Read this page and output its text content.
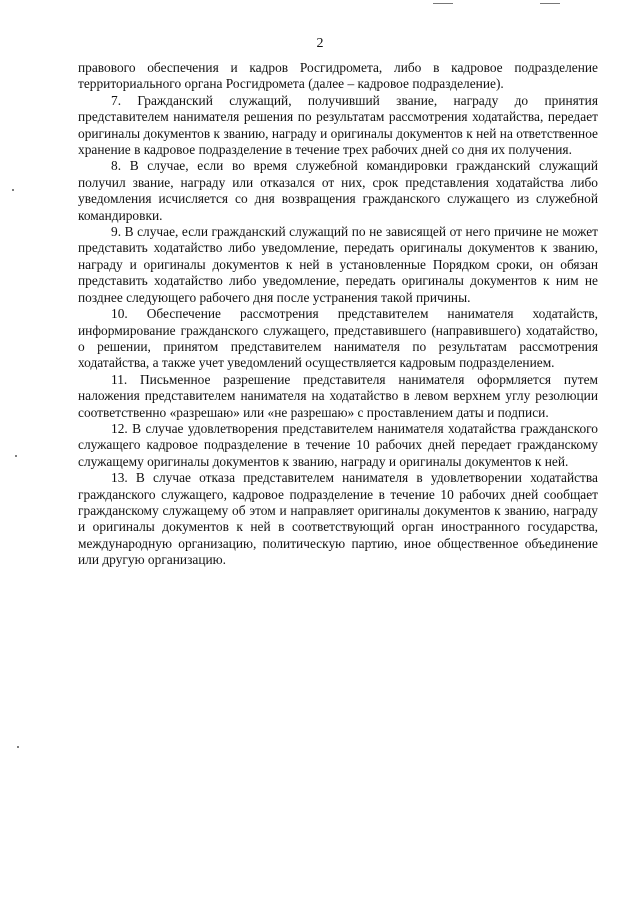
2

правового обеспечения и кадров Росгидромета, либо в кадровое подразделение территориального органа Росгидромета (далее – кадровое подразделение).

7. Гражданский служащий, получивший звание, награду до принятия представителем нанимателя решения по результатам рассмотрения ходатайства, передает оригиналы документов к званию, награду и оригиналы документов к ней на ответственное хранение в кадровое подразделение в течение трех рабочих дней со дня их получения.

8. В случае, если во время служебной командировки гражданский служащий получил звание, награду или отказался от них, срок представления ходатайства либо уведомления исчисляется со дня возвращения гражданского служащего из служебной командировки.

9. В случае, если гражданский служащий по не зависящей от него причине не может представить ходатайство либо уведомление, передать оригиналы документов к званию, награду и оригиналы документов к ней в установленные Порядком сроки, он обязан представить ходатайство либо уведомление, передать оригиналы документов к ним не позднее следующего рабочего дня после устранения такой причины.

10. Обеспечение рассмотрения представителем нанимателя ходатайств, информирование гражданского служащего, представившего (направившего) ходатайство, о решении, принятом представителем нанимателя по результатам рассмотрения ходатайства, а также учет уведомлений осуществляется кадровым подразделением.

11. Письменное разрешение представителя нанимателя оформляется путем наложения представителем нанимателя на ходатайство в левом верхнем углу резолюции соответственно «разрешаю» или «не разрешаю» с проставлением даты и подписи.

12. В случае удовлетворения представителем нанимателя ходатайства гражданского служащего кадровое подразделение в течение 10 рабочих дней передает гражданскому служащему оригиналы документов к званию, награду и оригиналы документов к ней.

13. В случае отказа представителем нанимателя в удовлетворении ходатайства гражданского служащего, кадровое подразделение в течение 10 рабочих дней сообщает гражданскому служащему об этом и направляет оригиналы документов к званию, награду и оригиналы документов к ней в соответствующий орган иностранного государства, международную организацию, политическую партию, иное общественное объединение или другую организацию.
